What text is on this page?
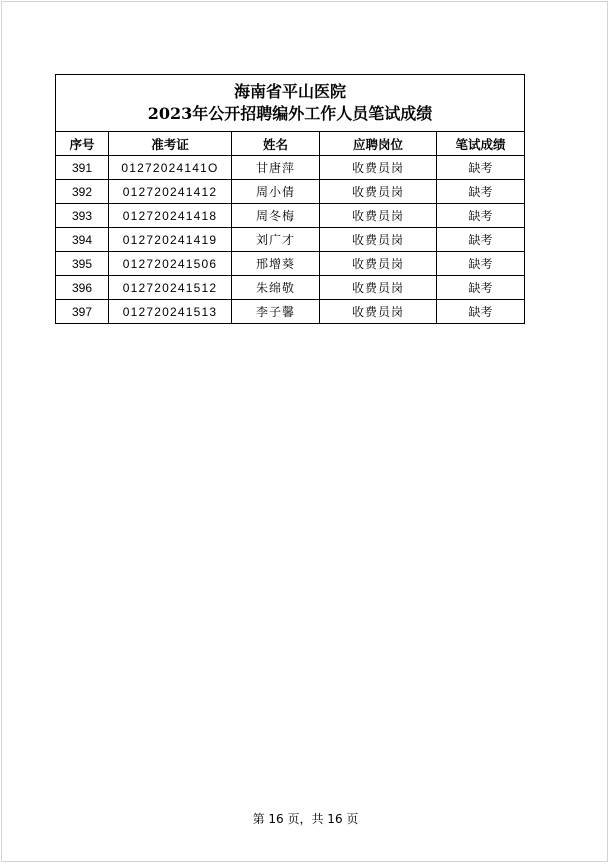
海南省平山医院
2023年公开招聘编外工作人员笔试成绩				

序号	准考证	姓名	应聘岗位	笔试成绩
391	01272024141O	甘唐萍	收费员岗	缺考
392	012720241412	周小倩	收费员岗	缺考
393	012720241418	周冬梅	收费员岗	缺考
394	012720241419	刘广才	收费员岗	缺考
395	012720241506	邢增葵	收费员岗	缺考
396	012720241512	朱绵敬	收费员岗	缺考
397	012720241513	李子馨	收费员岗	缺考
第 16 页，共 16 页
